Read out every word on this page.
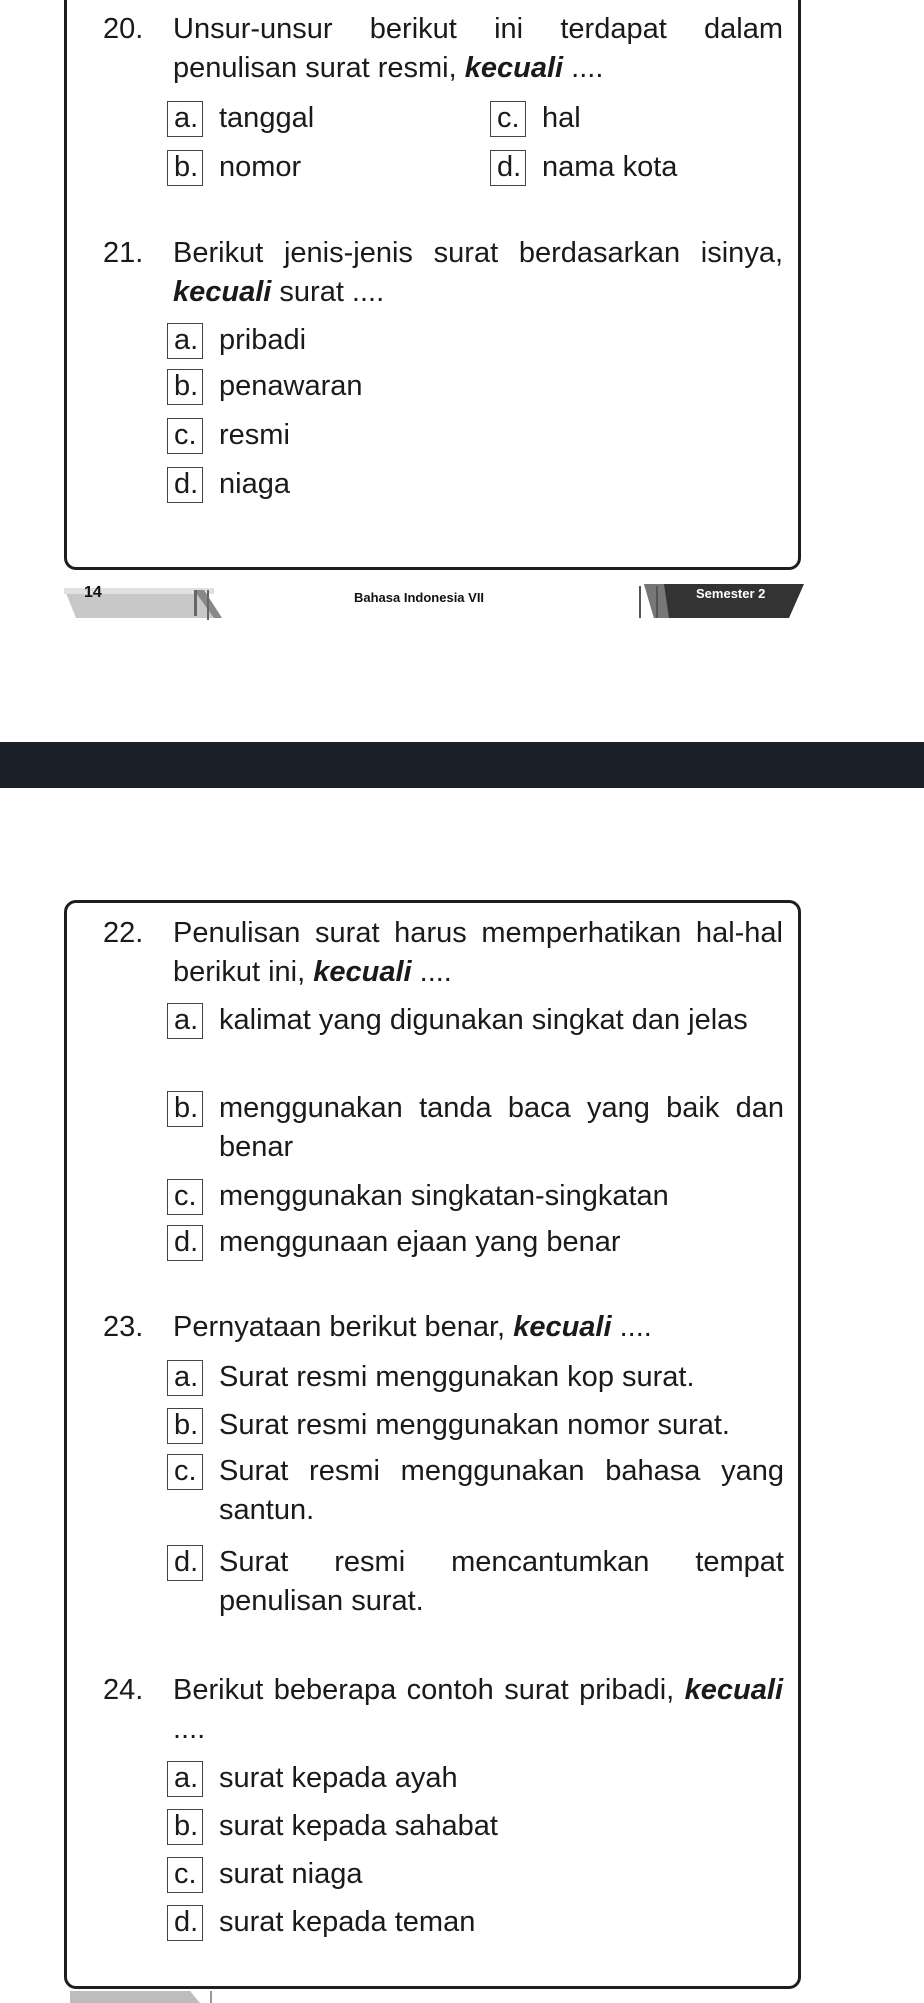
20. Unsur-unsur berikut ini terdapat dalam penulisan surat resmi, kecuali ....
a. tanggal
b. nomor
c. hal
d. nama kota
21. Berikut jenis-jenis surat berdasarkan isinya, kecuali surat ....
a. pribadi
b. penawaran
c. resmi
d. niaga
14	Bahasa Indonesia VII	Semester 2
22. Penulisan surat harus memperhatikan hal-hal berikut ini, kecuali ....
a. kalimat yang digunakan singkat dan jelas
b. menggunakan tanda baca yang baik dan benar
c. menggunakan singkatan-singkatan
d. menggunaan ejaan yang benar
23. Pernyataan berikut benar, kecuali ....
a. Surat resmi menggunakan kop surat.
b. Surat resmi menggunakan nomor surat.
c. Surat resmi menggunakan bahasa yang santun.
d. Surat resmi mencantumkan tempat penulisan surat.
24. Berikut beberapa contoh surat pribadi, kecuali ....
a. surat kepada ayah
b. surat kepada sahabat
c. surat niaga
d. surat kepada teman
